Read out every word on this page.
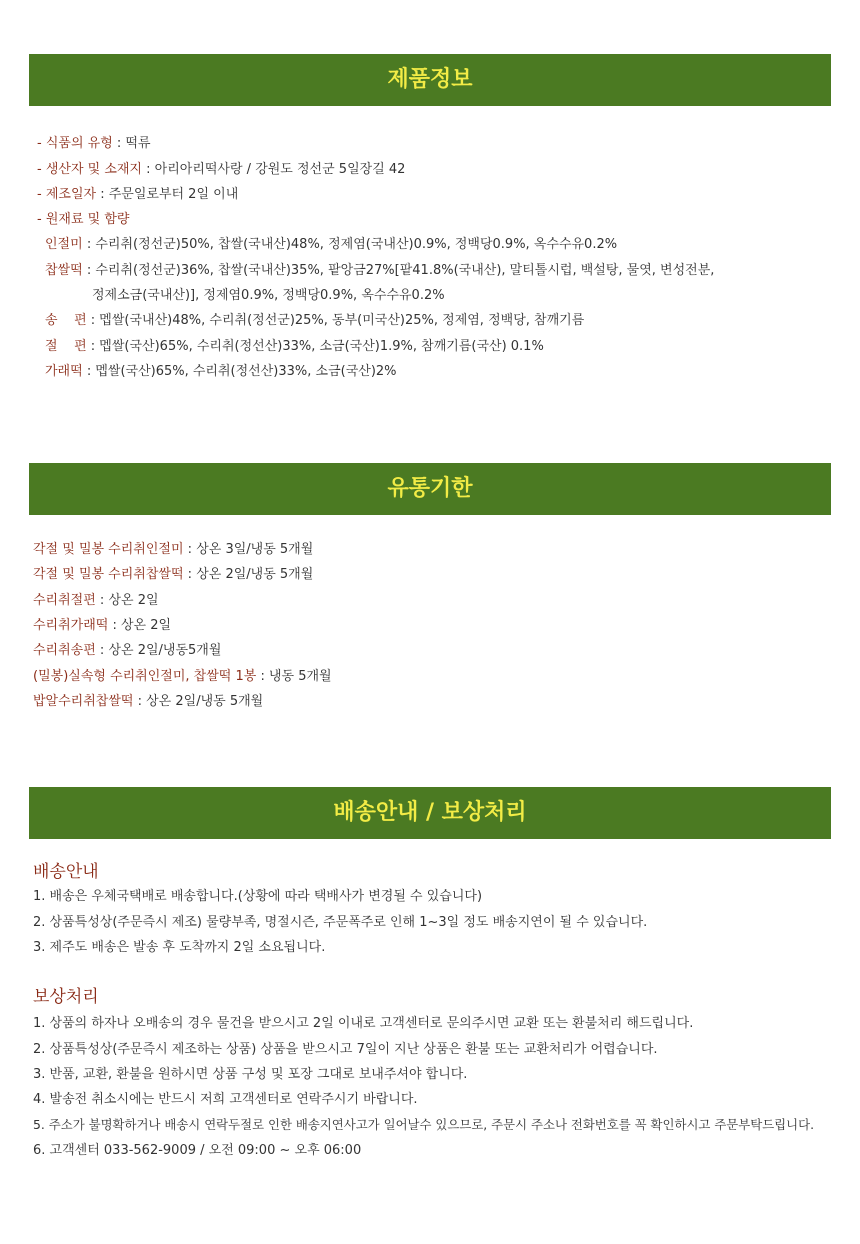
제품정보
- 식품의 유형 : 떡류
- 생산자 및 소재지 : 아리아리떡사랑 / 강원도 정선군 5일장길 42
- 제조일자 : 주문일로부터 2일 이내
- 원재료 및 함량
인절미 : 수리취(정선군)50%, 찹쌀(국내산)48%, 정제염(국내산)0.9%, 정백당0.9%, 옥수수유0.2%
찹쌀떡 : 수리취(정선군)36%, 찹쌀(국내산)35%, 팥앙금27%[팥41.8%(국내산), 말티톨시럽, 백설탕, 물엿, 변성전분,
정제소금(국내산)], 정제염0.9%, 정백당0.9%, 옥수수유0.2%
송    편 : 멥쌀(국내산)48%, 수리취(정선군)25%, 동부(미국산)25%, 정제염, 정백당, 참깨기름
절    편 : 멥쌀(국산)65%, 수리취(정선산)33%, 소금(국산)1.9%, 참깨기름(국산) 0.1%
가래떡 : 멥쌀(국산)65%, 수리취(정선산)33%, 소금(국산)2%
유통기한
각절 및 밀봉 수리취인절미 : 상온 3일/냉동 5개월
각절 및 밀봉 수리취찹쌀떡 : 상온 2일/냉동 5개월
수리취절편 : 상온 2일
수리취가래떡 : 상온 2일
수리취송편 : 상온 2일/냉동5개월
(밀봉)실속형 수리취인절미, 찹쌀떡 1봉 : 냉동 5개월
밥알수리취찹쌀떡 : 상온 2일/냉동 5개월
배송안내 / 보상처리
배송안내
1. 배송은 우체국택배로 배송합니다.(상황에 따라 택배사가 변경될 수 있습니다)
2. 상품특성상(주문즉시 제조) 물량부족, 명절시즌, 주문폭주로 인해 1~3일 정도 배송지연이 될 수 있습니다.
3. 제주도 배송은 발송 후 도착까지 2일 소요됩니다.
보상처리
1. 상품의 하자나 오배송의 경우 물건을 받으시고 2일 이내로 고객센터로 문의주시면 교환 또는 환불처리 해드립니다.
2. 상품특성상(주문즉시 제조하는 상품) 상품을 받으시고 7일이 지난 상품은 환불 또는 교환처리가 어렵습니다.
3. 반품, 교환, 환불을 원하시면 상품 구성 및 포장 그대로 보내주셔야 합니다.
4. 발송전 취소시에는 반드시 저희 고객센터로 연락주시기 바랍니다.
5. 주소가 불명확하거나 배송시 연락두절로 인한 배송지연사고가 일어날수 있으므로, 주문시 주소나 전화번호를 꼭 확인하시고 주문부탁드립니다.
6. 고객센터 033-562-9009 / 오전 09:00 ~ 오후 06:00
